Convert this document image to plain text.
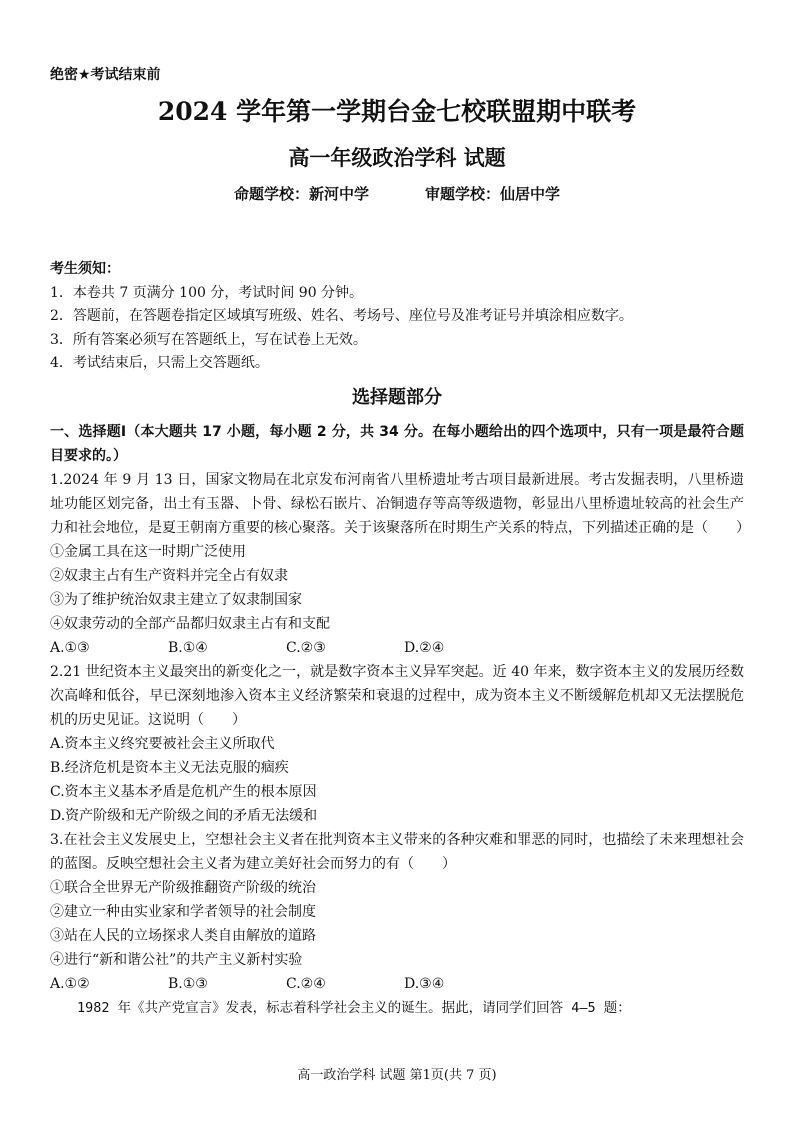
绝密★考试结束前
2024 学年第一学期台金七校联盟期中联考
高一年级政治学科 试题
命题学校：新河中学	审题学校：仙居中学
考生须知：
1．本卷共 7 页满分 100 分，考试时间 90 分钟。
2．答题前，在答题卷指定区域填写班级、姓名、考场号、座位号及准考证号并填涂相应数字。
3．所有答案必须写在答题纸上，写在试卷上无效。
4．考试结束后，只需上交答题纸。
选择题部分

一、选择题Ⅰ（本大题共 17 小题，每小题 2 分，共 34 分。在每小题给出的四个选项中，只有一项是最符合题目要求的。）

1.2024 年 9 月 13 日，国家文物局在北京发布河南省八里桥遗址考古项目最新进展。考古发掘表明，八里桥遗址功能区划完备，出土有玉器、卜骨、绿松石嵌片、冶铜遗存等高等级遗物，彰显出八里桥遗址较高的社会生产力和社会地位，是夏王朝南方重要的核心聚落。关于该聚落所在时期生产关系的特点，下列描述正确的是（　　）

①金属工具在这一时期广泛使用

②奴隶主占有生产资料并完全占有奴隶

③为了维护统治奴隶主建立了奴隶制国家

④奴隶劳动的全部产品都归奴隶主占有和支配

A.①③	B.①④	C.②③	D.②④

2.21 世纪资本主义最突出的新变化之一，就是数字资本主义异军突起。近 40 年来，数字资本主义的发展历经数次高峰和低谷，早已深刻地渗入资本主义经济繁荣和衰退的过程中，成为资本主义不断缓解危机却又无法摆脱危机的历史见证。这说明（　　）

A.资本主义终究要被社会主义所取代

B.经济危机是资本主义无法克服的痼疾

C.资本主义基本矛盾是危机产生的根本原因

D.资产阶级和无产阶级之间的矛盾无法缓和

3.在社会主义发展史上，空想社会主义者在批判资本主义带来的各种灾难和罪恶的同时，也描绘了未来理想社会的蓝图。反映空想社会主义者为建立美好社会而努力的有（　　）

①联合全世界无产阶级推翻资产阶级的统治

②建立一种由实业家和学者领导的社会制度

③站在人民的立场探求人类自由解放的道路

④进行“新和谐公社”的共产主义新村实验

A.①②	B.①③	C.②④	D.③④

1982 年《共产党宣言》发表，标志着科学社会主义的诞生。据此，请同学们回答 4—5 题：

高一政治学科 试题 第1页(共 7 页)
